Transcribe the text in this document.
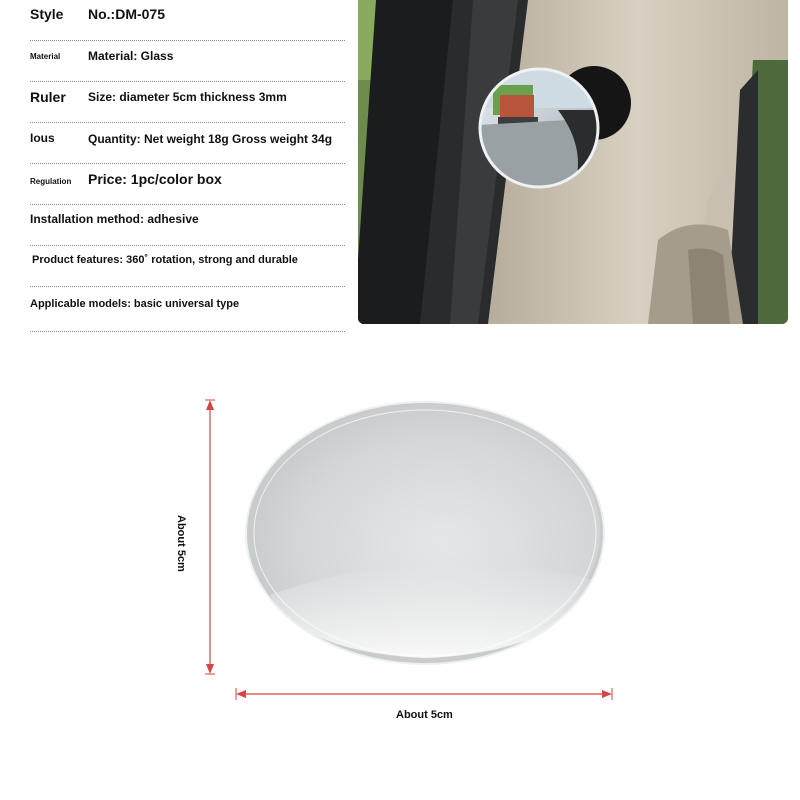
Style No.:DM-075
Material Material: Glass
Ruler Size: diameter 5cm thickness 3mm
Ious	Quantity: Net weight 18g Gross weight 34g
Regulation Price: 1pc/color box
Installation method: adhesive
Product features: 360˚ rotation, strong and durable
Applicable models: basic universal type
About 5cm
About 5cm
